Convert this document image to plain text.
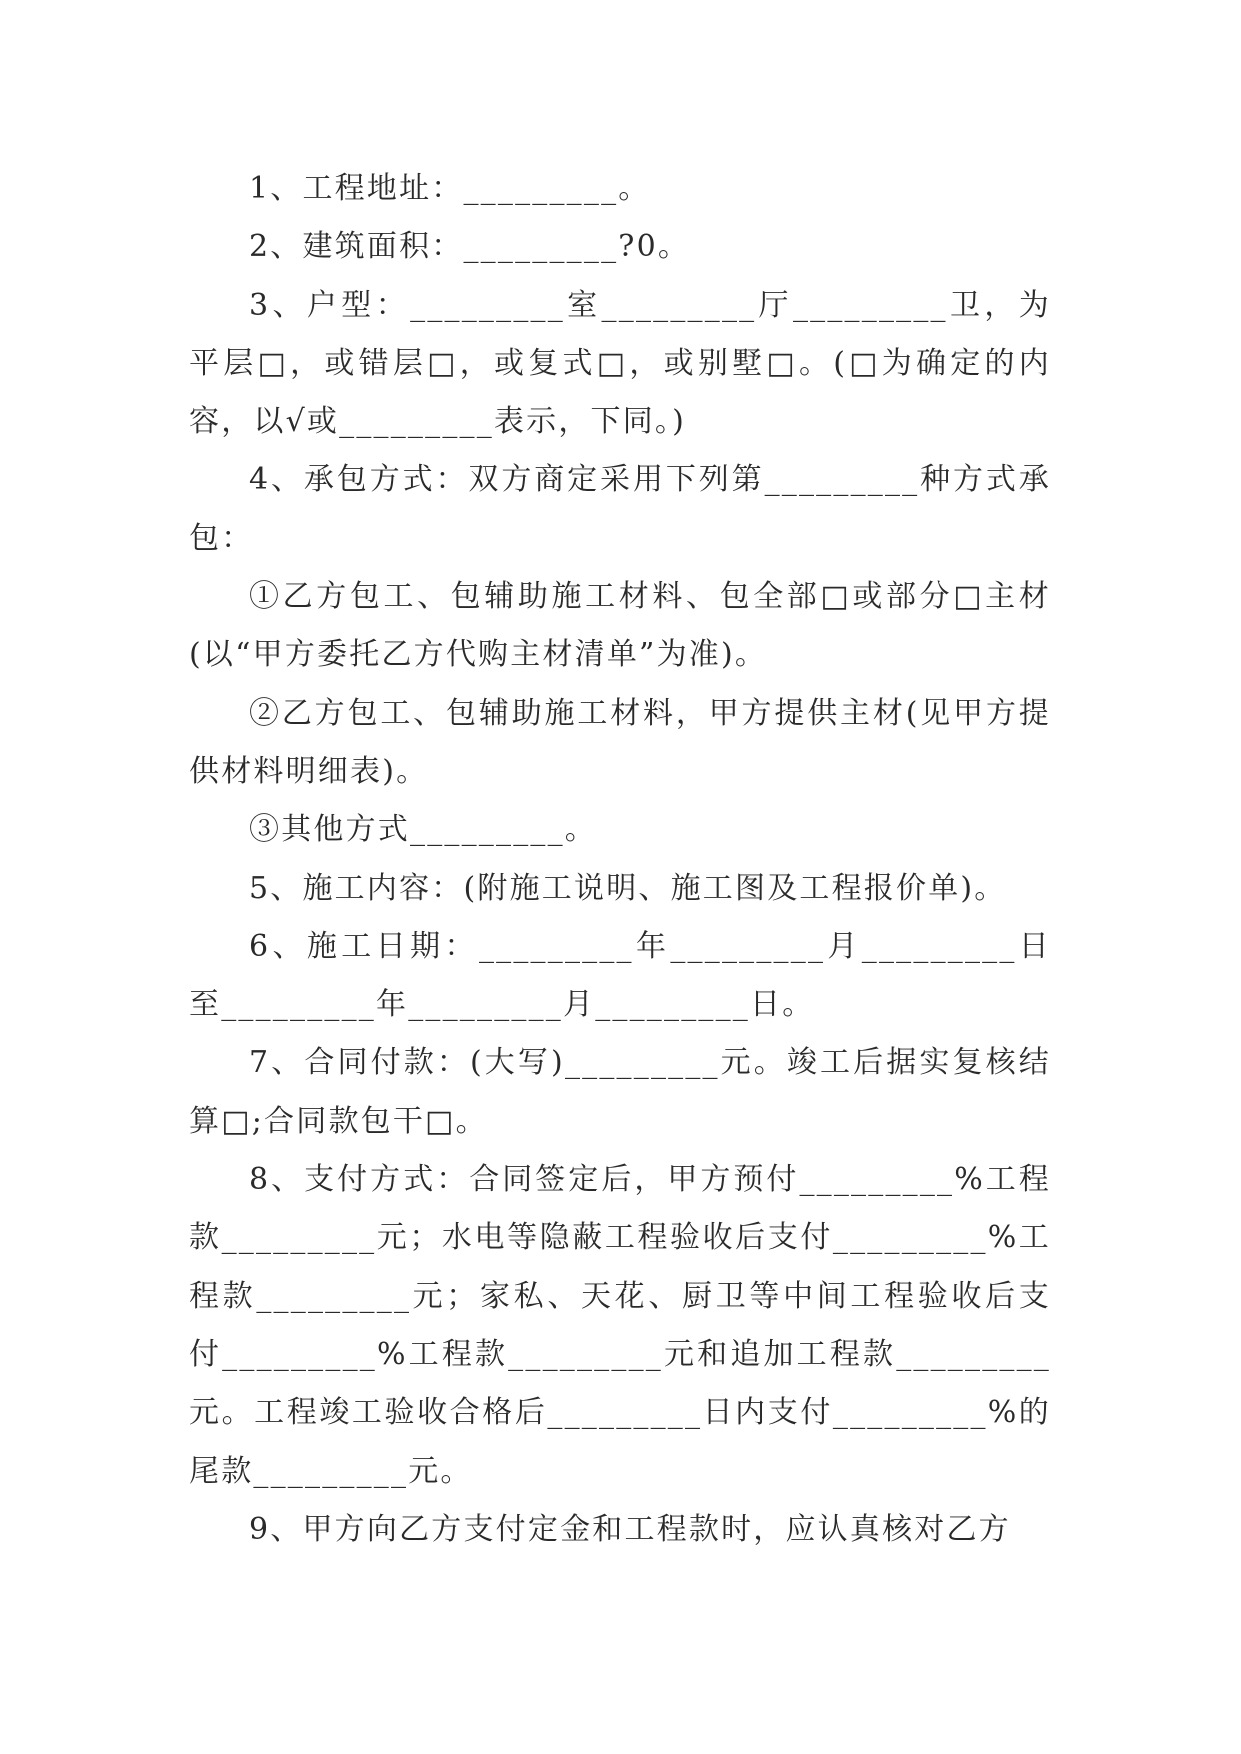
1、工程地址：_________。

2、建筑面积：_________?0。

3、户型：_________室_________厅_________卫，为平层□，或错层□，或复式□，或别墅□。(□为确定的内容，以√或_________表示，下同。)

4、承包方式：双方商定采用下列第_________种方式承包：

①乙方包工、包辅助施工材料、包全部□或部分□主材(以“甲方委托乙方代购主材清单”为准)。

②乙方包工、包辅助施工材料，甲方提供主材(见甲方提供材料明细表)。

③其他方式_________。

5、施工内容：(附施工说明、施工图及工程报价单)。

6、施工日期：_________年_________月_________日至_________年_________月_________日。

7、合同付款：(大写)_________元。竣工后据实复核结算□;合同款包干□。

8、支付方式：合同签定后，甲方预付_________%工程款_________元；水电等隐蔽工程验收后支付_________%工程款_________元；家私、天花、厨卫等中间工程验收后支付_________%工程款_________元和追加工程款_________元。工程竣工验收合格后_________日内支付_________%的尾款_________元。

9、甲方向乙方支付定金和工程款时，应认真核对乙方
